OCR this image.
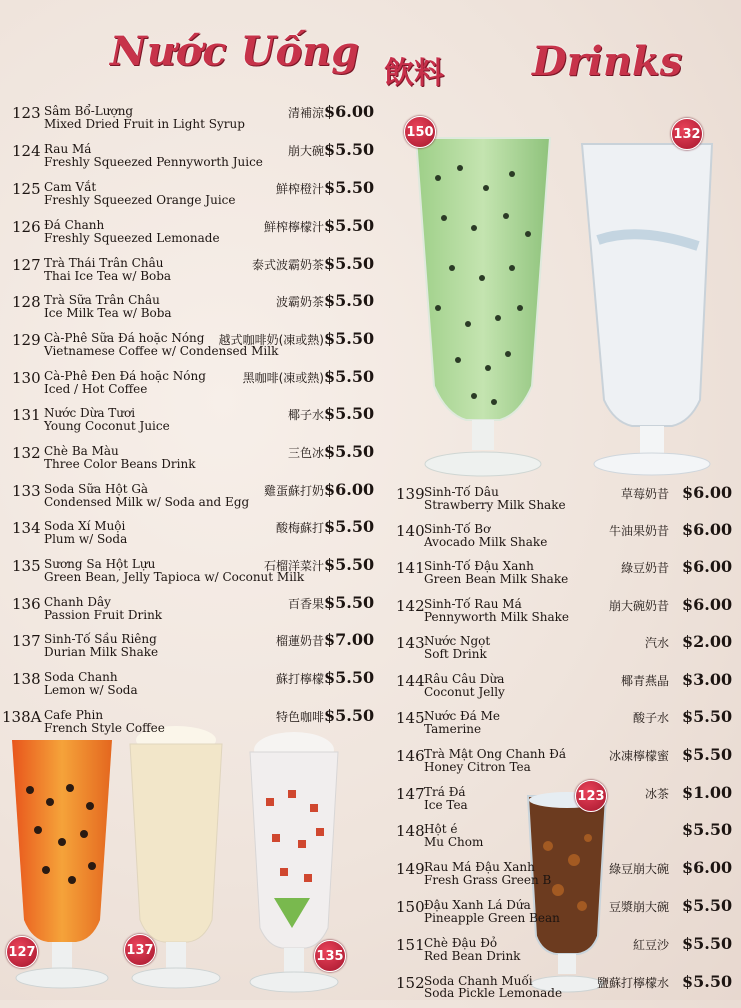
Nước Uống 飲料 Drinks
150	132
127	137	135
123
123 Sâm Bổ-Lượng
Mixed Dried Fruit in Light Syrup
清補涼 $6.00
124 Rau Má
Freshly Squeezed Pennyworth Juice
崩大碗 $5.50
125 Cam Vắt
Freshly Squeezed Orange Juice
鮮榨橙汁 $5.50
126 Đá Chanh
Freshly Squeezed Lemonade
鮮榨檸檬汁 $5.50
127 Trà Thái Trân Châu
Thai Ice Tea w/ Boba
泰式波霸奶茶 $5.50
128 Trà Sữa Trân Châu
Ice Milk Tea w/ Boba
波霸奶茶 $5.50
129 Cà-Phê Sữa Đá hoặc Nóng
Vietnamese Coffee w/ Condensed Milk
越式咖啡奶(凍或熱) $5.50
130 Cà-Phê Đen Đá hoặc Nóng
Iced / Hot Coffee
黑咖啡(凍或熱) $5.50
131 Nước Dừa Tươi
Young Coconut Juice
椰子水 $5.50
132 Chè Ba Màu
Three Color Beans Drink
三色冰 $5.50
133 Soda Sữa Hột Gà
Condensed Milk w/ Soda and Egg
雞蛋蘇打奶 $6.00
134 Soda Xí Muội
Plum w/ Soda
酸梅蘇打 $5.50
135 Sương Sa Hột Lựu
Green Bean, Jelly Tapioca w/ Coconut Milk
石榴洋菜汁 $5.50
136 Chanh Dây
Passion Fruit Drink
百香果 $5.50
137 Sinh-Tố Sầu Riêng
Durian Milk Shake
榴蓮奶昔 $7.00
138 Soda Chanh
Lemon w/ Soda
蘇打檸檬 $5.50
138A Cafe Phin
French Style Coffee
特色咖啡 $5.50
139 Sinh-Tố Dâu
Strawberry Milk Shake
草莓奶昔 $6.00
140 Sinh-Tố Bơ
Avocado Milk Shake
牛油果奶昔 $6.00
141 Sinh-Tố Đậu Xanh
Green Bean Milk Shake
綠豆奶昔 $6.00
142 Sinh-Tố Rau Má
Pennyworth Milk Shake
崩大碗奶昔 $6.00
143 Nước Ngọt
Soft Drink
汽水 $2.00
144 Râu Câu Dừa
Coconut Jelly
椰青燕晶 $3.00
145 Nước Đá Me
Tamerine
酸子水 $5.50
146 Trà Mật Ong Chanh Đá
Honey Citron Tea
冰凍檸檬蜜 $5.50
147 Trá Đá
Ice Tea
冰茶 $1.00
148 Hột é
Mu Chom
$5.50
149 Rau Má Đậu Xanh
Fresh Grass Green B
綠豆崩大碗 $6.00
150 Đậu Xanh Lá Dứa
Pineapple Green Bean
豆漿崩大碗 $5.50
151 Chè Đậu Đỏ
Red Bean Drink
紅豆沙 $5.50
152 Soda Chanh Muối
Soda Pickle Lemonade
鹽蘇打檸檬水 $5.50
